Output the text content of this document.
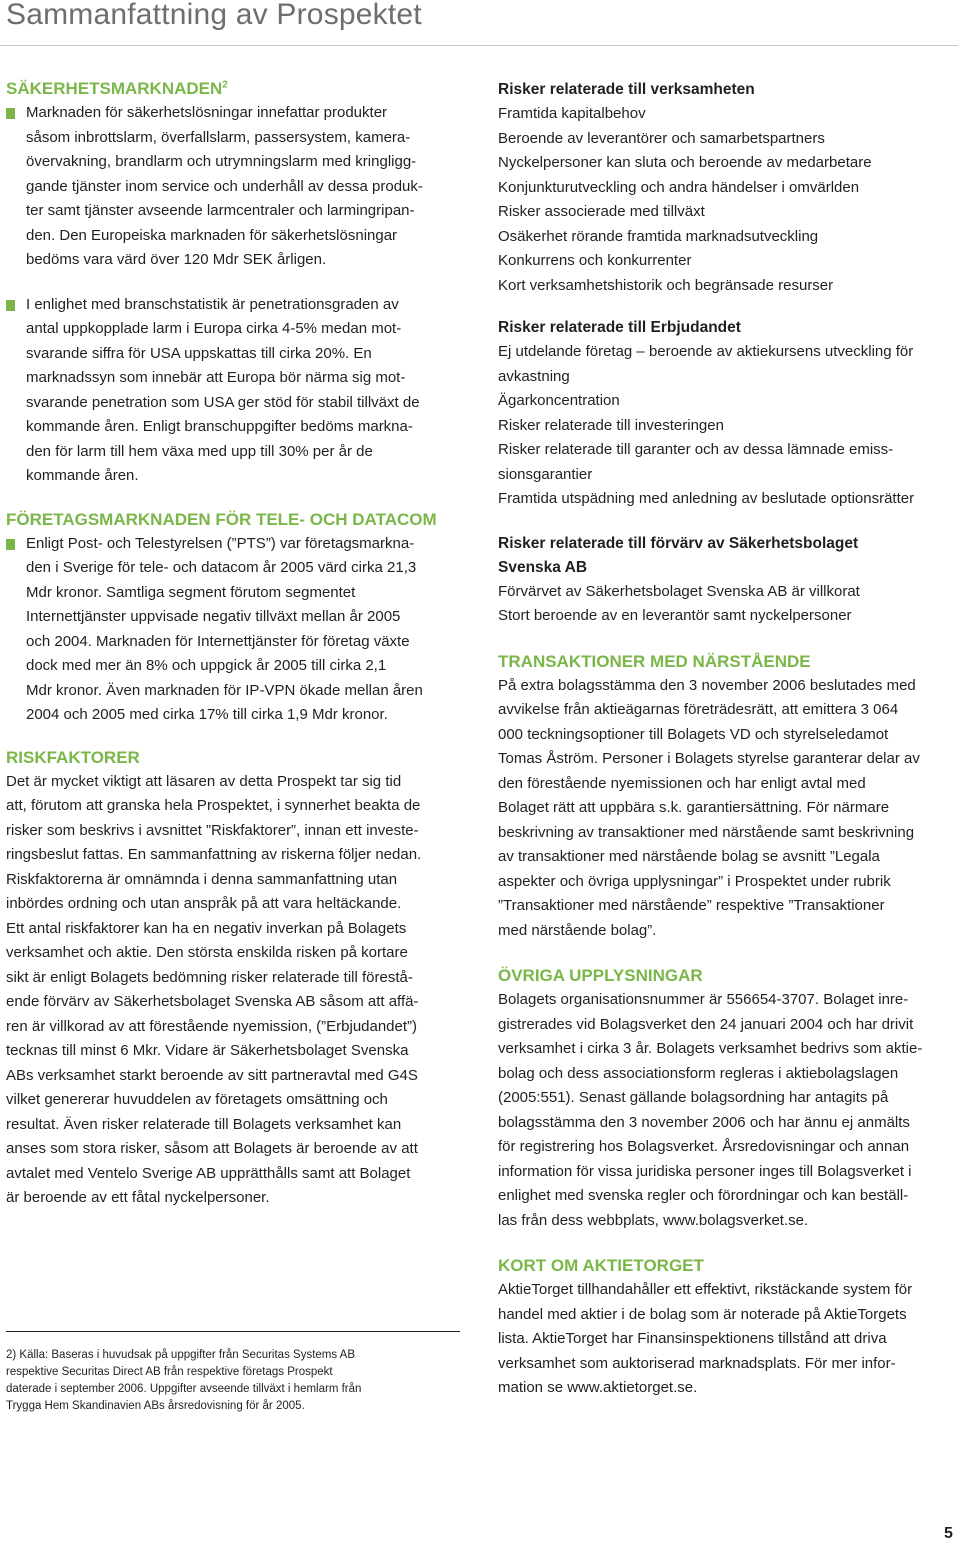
Sammanfattning av Prospektet
SÄKERHETSMARKNADEN$^2$
Marknaden för säkerhetslösningar innefattar produkter
såsom inbrottslarm, överfallslarm, passersystem, kamera-
övervakning, brandlarm och utrymningslarm med kringligg-
gande tjänster inom service och underhåll av dessa produk-
ter samt tjänster avseende larmcentraler och larmingripan-
den. Den Europeiska marknaden för säkerhetslösningar
bedöms vara värd över 120 Mdr SEK årligen.
I enlighet med branschstatistik är penetrationsgraden av
antal uppkopplade larm i Europa cirka 4-5% medan mot-
svarande siffra för USA uppskattas till cirka 20%. En
marknadssyn som innebär att Europa bör närma sig mot-
svarande penetration som USA ger stöd för stabil tillväxt de
kommande åren. Enligt branschuppgifter bedöms markna-
den för larm till hem växa med upp till 30% per år de
kommande åren.
FÖRETAGSMARKNADEN FÖR TELE- OCH DATACOM
Enligt Post- och Telestyrelsen (”PTS”) var företagsmarkna-
den i Sverige för tele- och datacom år 2005 värd cirka 21,3
Mdr kronor. Samtliga segment förutom segmentet
Internettjänster uppvisade negativ tillväxt mellan år 2005
och 2004. Marknaden för Internettjänster för företag växte
dock med mer än 8% och uppgick år 2005 till cirka 2,1
Mdr kronor. Även marknaden för IP-VPN ökade mellan åren
2004 och 2005 med cirka 17% till cirka 1,9 Mdr kronor.
RISKFAKTORER
Det är mycket viktigt att läsaren av detta Prospekt tar sig tid
att, förutom att granska hela Prospektet, i synnerhet beakta de
risker som beskrivs i avsnittet ”Riskfaktorer”, innan ett investe-
ringsbeslut fattas. En sammanfattning av riskerna följer nedan.
Riskfaktorerna är omnämnda i denna sammanfattning utan
inbördes ordning och utan anspråk på att vara heltäckande.
Ett antal riskfaktorer kan ha en negativ inverkan på Bolagets
verksamhet och aktie. Den största enskilda risken på kortare
sikt är enligt Bolagets bedömning risker relaterade till förestå-
ende förvärv av Säkerhetsbolaget Svenska AB såsom att affä-
ren är villkorad av att förestående nyemission, (”Erbjudandet”)
tecknas till minst 6 Mkr. Vidare är Säkerhetsbolaget Svenska
ABs verksamhet starkt beroende av sitt partneravtal med G4S
vilket genererar huvuddelen av företagets omsättning och
resultat. Även risker relaterade till Bolagets verksamhet kan
anses som stora risker, såsom att Bolagets är beroende av att
avtalet med Ventelo Sverige AB upprätthålls samt att Bolaget
är beroende av ett fåtal nyckelpersoner.
2) Källa: Baseras i huvudsak på uppgifter från Securitas Systems AB
respektive Securitas Direct AB från respektive företags Prospekt
daterade i september 2006. Uppgifter avseende tillväxt i hemlarm från
Trygga Hem Skandinavien ABs årsredovisning för år 2005.
Risker relaterade till verksamheten
Framtida kapitalbehov
Beroende av leverantörer och samarbetspartners
Nyckelpersoner kan sluta och beroende av medarbetare
Konjunkturutveckling och andra händelser i omvärlden
Risker associerade med tillväxt
Osäkerhet rörande framtida marknadsutveckling
Konkurrens och konkurrenter
Kort verksamhetshistorik och begränsade resurser
Risker relaterade till Erbjudandet
Ej utdelande företag – beroende av aktiekursens utveckling för
avkastning
Ägarkoncentration
Risker relaterade till investeringen
Risker relaterade till garanter och av dessa lämnade emiss-
sionsgarantier
Framtida utspädning med anledning av beslutade optionsrätter
Risker relaterade till förvärv av Säkerhetsbolaget
Svenska AB
Förvärvet av Säkerhetsbolaget Svenska AB är villkorat
Stort beroende av en leverantör samt nyckelpersoner
TRANSAKTIONER MED NÄRSTÅENDE
På extra bolagsstämma den 3 november 2006 beslutades med
avvikelse från aktieägarnas företrädesrätt, att emittera 3 064
000 teckningsoptioner till Bolagets VD och styrelseledamot
Tomas Åström. Personer i Bolagets styrelse garanterar delar av
den förestående nyemissionen och har enligt avtal med
Bolaget rätt att uppbära s.k. garantiersättning. För närmare
beskrivning av transaktioner med närstående samt beskrivning
av transaktioner med närstående bolag se avsnitt ”Legala
aspekter och övriga upplysningar” i Prospektet under rubrik
”Transaktioner med närstående” respektive ”Transaktioner
med närstående bolag”.
ÖVRIGA UPPLYSNINGAR
Bolagets organisationsnummer är 556654-3707. Bolaget inre-
gistrerades vid Bolagsverket den 24 januari 2004 och har drivit
verksamhet i cirka 3 år. Bolagets verksamhet bedrivs som aktie-
bolag och dess associationsform regleras i aktiebolagslagen
(2005:551). Senast gällande bolagsordning har antagits på
bolagsstämma den 3 november 2006 och har ännu ej anmälts
för registrering hos Bolagsverket. Årsredovisningar och annan
information för vissa juridiska personer inges till Bolagsverket i
enlighet med svenska regler och förordningar och kan beställ-
las från dess webbplats, www.bolagsverket.se.
KORT OM AKTIETORGET
AktieTorget tillhandahåller ett effektivt, rikstäckande system för
handel med aktier i de bolag som är noterade på AktieTorgets
lista. AktieTorget har Finansinspektionens tillstånd att driva
verksamhet som auktoriserad marknadsplats. För mer infor-
mation se www.aktietorget.se.
5
